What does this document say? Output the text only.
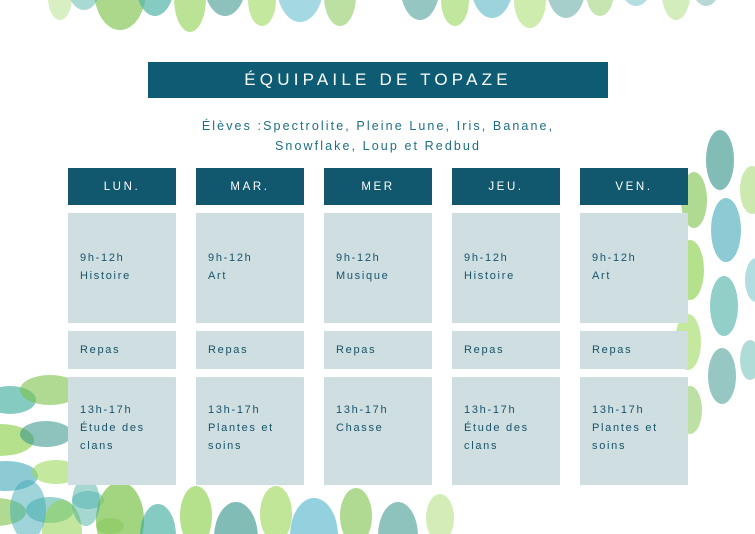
ÉQUIPAILE DE TOPAZE
Élèves :Spectrolite, Pleine Lune, Iris, Banane,
Snowflake, Loup et Redbud
LUN.
9h-12h
Histoire
Repas
13h-17h
Étude des clans
MAR.
9h-12h
Art
Repas
13h-17h
Plantes et soins
MER
9h-12h
Musique
Repas
13h-17h
Chasse
JEU.
9h-12h
Histoire
Repas
13h-17h
Étude des clans
VEN.
9h-12h
Art
Repas
13h-17h
Plantes et soins
